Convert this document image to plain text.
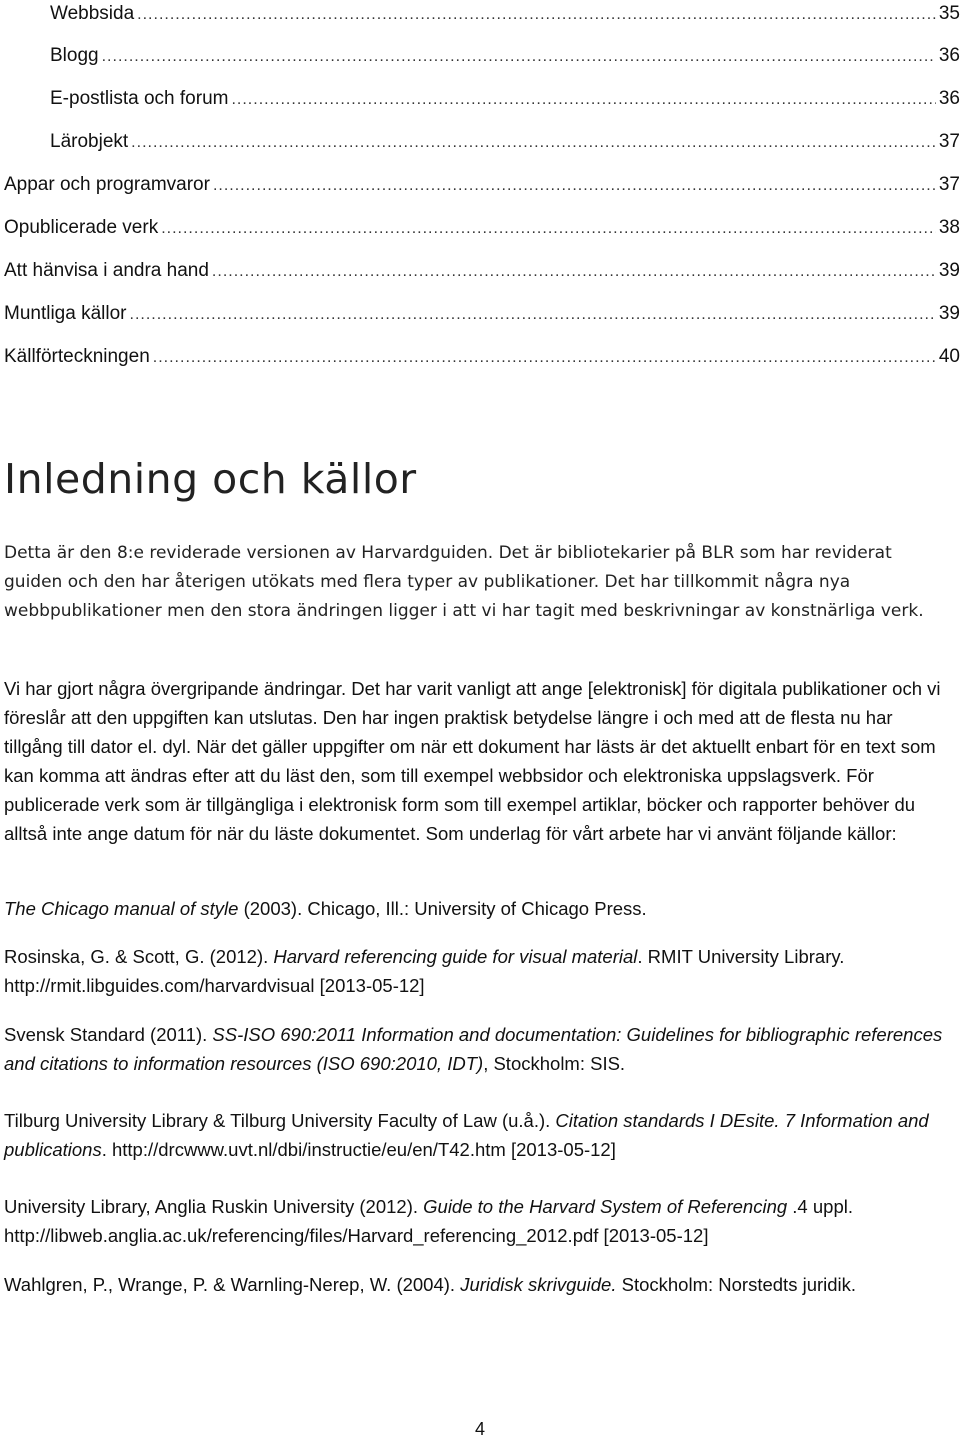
Webbsida .....	35
Blogg .....	36
E-postlista och forum .....	36
Lärobjekt .....	37
Appar och programvaror .....	37
Opublicerade verk .....	38
Att hänvisa i andra hand .....	39
Muntliga källor .....	39
Källförteckningen .....	40
Inledning och källor

Detta är den 8:e reviderade versionen av Harvardguiden. Det är bibliotekarier på BLR som har reviderat guiden och den har återigen utökats med flera typer av publikationer. Det har tillkommit några nya webbpublikationer men den stora ändringen ligger i att vi har tagit med beskrivningar av konstnärliga verk.

Vi har gjort några övergripande ändringar. Det har varit vanligt att ange [elektronisk] för digitala publikationer och vi föreslår att den uppgiften kan utslutas. Den har ingen praktisk betydelse längre i och med att de flesta nu har tillgång till dator el. dyl. När det gäller uppgifter om när ett dokument har lästs är det aktuellt enbart för en text som kan komma att ändras efter att du läst den, som till exempel webbsidor och elektroniska uppslagsverk. För publicerade verk som är tillgängliga i elektronisk form som till exempel artiklar, böcker och rapporter behöver du alltså inte ange datum för när du läste dokumentet. Som underlag för vårt arbete har vi använt följande källor:

The Chicago manual of style (2003). Chicago, Ill.: University of Chicago Press.

Rosinska, G. & Scott, G. (2012). Harvard referencing guide for visual material. RMIT University Library. http://rmit.libguides.com/harvardvisual [2013-05-12]

Svensk Standard (2011). SS-ISO 690:2011 Information and documentation: Guidelines for bibliographic references and citations to information resources (ISO 690:2010, IDT), Stockholm: SIS.

Tilburg University Library & Tilburg University Faculty of Law (u.å.). Citation standards I DEsite. 7 Information and publications. http://drcwww.uvt.nl/dbi/instructie/eu/en/T42.htm [2013-05-12]

University Library, Anglia Ruskin University (2012). Guide to the Harvard System of Referencing .4 uppl. http://libweb.anglia.ac.uk/referencing/files/Harvard_referencing_2012.pdf [2013-05-12]

Wahlgren, P., Wrange, P. & Warnling-Nerep, W. (2004). Juridisk skrivguide. Stockholm: Norstedts juridik.

4
